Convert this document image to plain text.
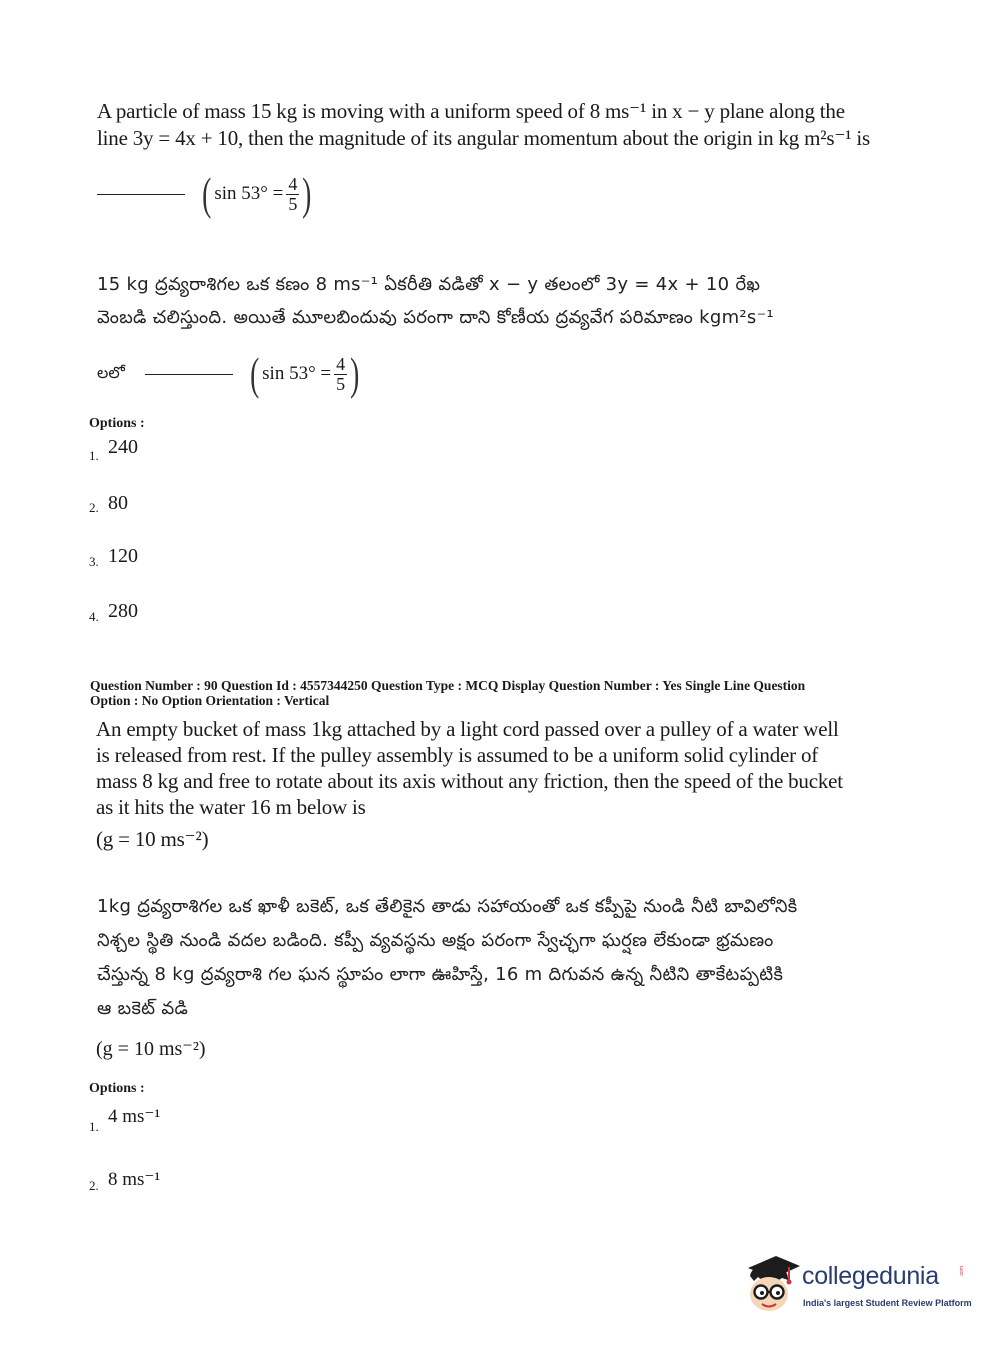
A particle of mass 15 kg is moving with a uniform speed of 8 ms⁻¹ in x − y plane along the
line 3y = 4x + 10, then the magnitude of its angular momentum about the origin in kg m²s⁻¹ is
( $\sin 53^\circ = \frac{4}{5}$ )
15 kg ద్రవ్యరాశిగల ఒక కణం 8 ms⁻¹ ఏకరీతి వడితో x − y తలంలో 3y = 4x + 10 రేఖ
వెంబడి చలిస్తుంది. అయితే మూలబిందువు పరంగా దాని కోణీయ ద్రవ్యవేగ పరిమాణం kgm²s⁻¹
లలో	( $\sin 53^\circ = \frac{4}{5}$ )
Options :
1. 240
2. 80
3. 120
4. 280
Question Number : 90 Question Id : 4557344250 Question Type : MCQ Display Question Number : Yes Single Line Question
Option : No Option Orientation : Vertical
An empty bucket of mass 1kg attached by a light cord passed over a pulley of a water well
is released from rest. If the pulley assembly is assumed to be a uniform solid cylinder of
mass 8 kg and free to rotate about its axis without any friction, then the speed of the bucket
as it hits the water 16 m below is
(g = 10 ms⁻²)
1kg ద్రవ్యరాశిగల ఒక ఖాళీ బకెట్, ఒక తేలికైన తాడు సహాయంతో ఒక కప్పీపై నుండి నీటి బావిలోనికి
నిశ్చల స్థితి నుండి వదల బడింది. కప్పీ వ్యవస్థను అక్షం పరంగా స్వేచ్ఛగా ఘర్షణ లేకుండా భ్రమణం
చేస్తున్న 8 kg ద్రవ్యరాశి గల ఘన స్థూపం లాగా ఊహిస్తే, 16 m దిగువన ఉన్న నీటిని తాకేటప్పటికి
ఆ బకెట్ వడి
(g = 10 ms⁻²)
Options :
1. 4 ms⁻¹
2. 8 ms⁻¹
collegedunia	.com
India's largest Student Review Platform
